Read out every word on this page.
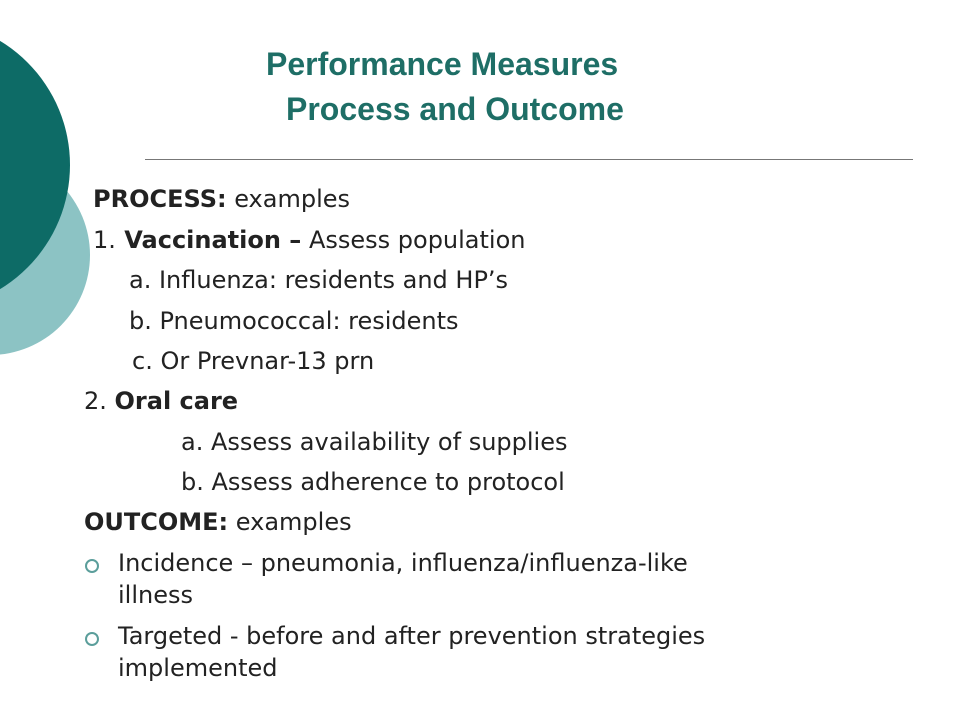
Performance Measures
Process and Outcome
PROCESS: examples
1. Vaccination – Assess population
a. Influenza: residents and HP’s
b. Pneumococcal: residents
c. Or Prevnar-13 prn
2. Oral care
a. Assess availability of supplies
b. Assess adherence to protocol
OUTCOME: examples
Incidence – pneumonia, influenza/influenza-like
illness
Targeted - before and after prevention strategies
implemented
